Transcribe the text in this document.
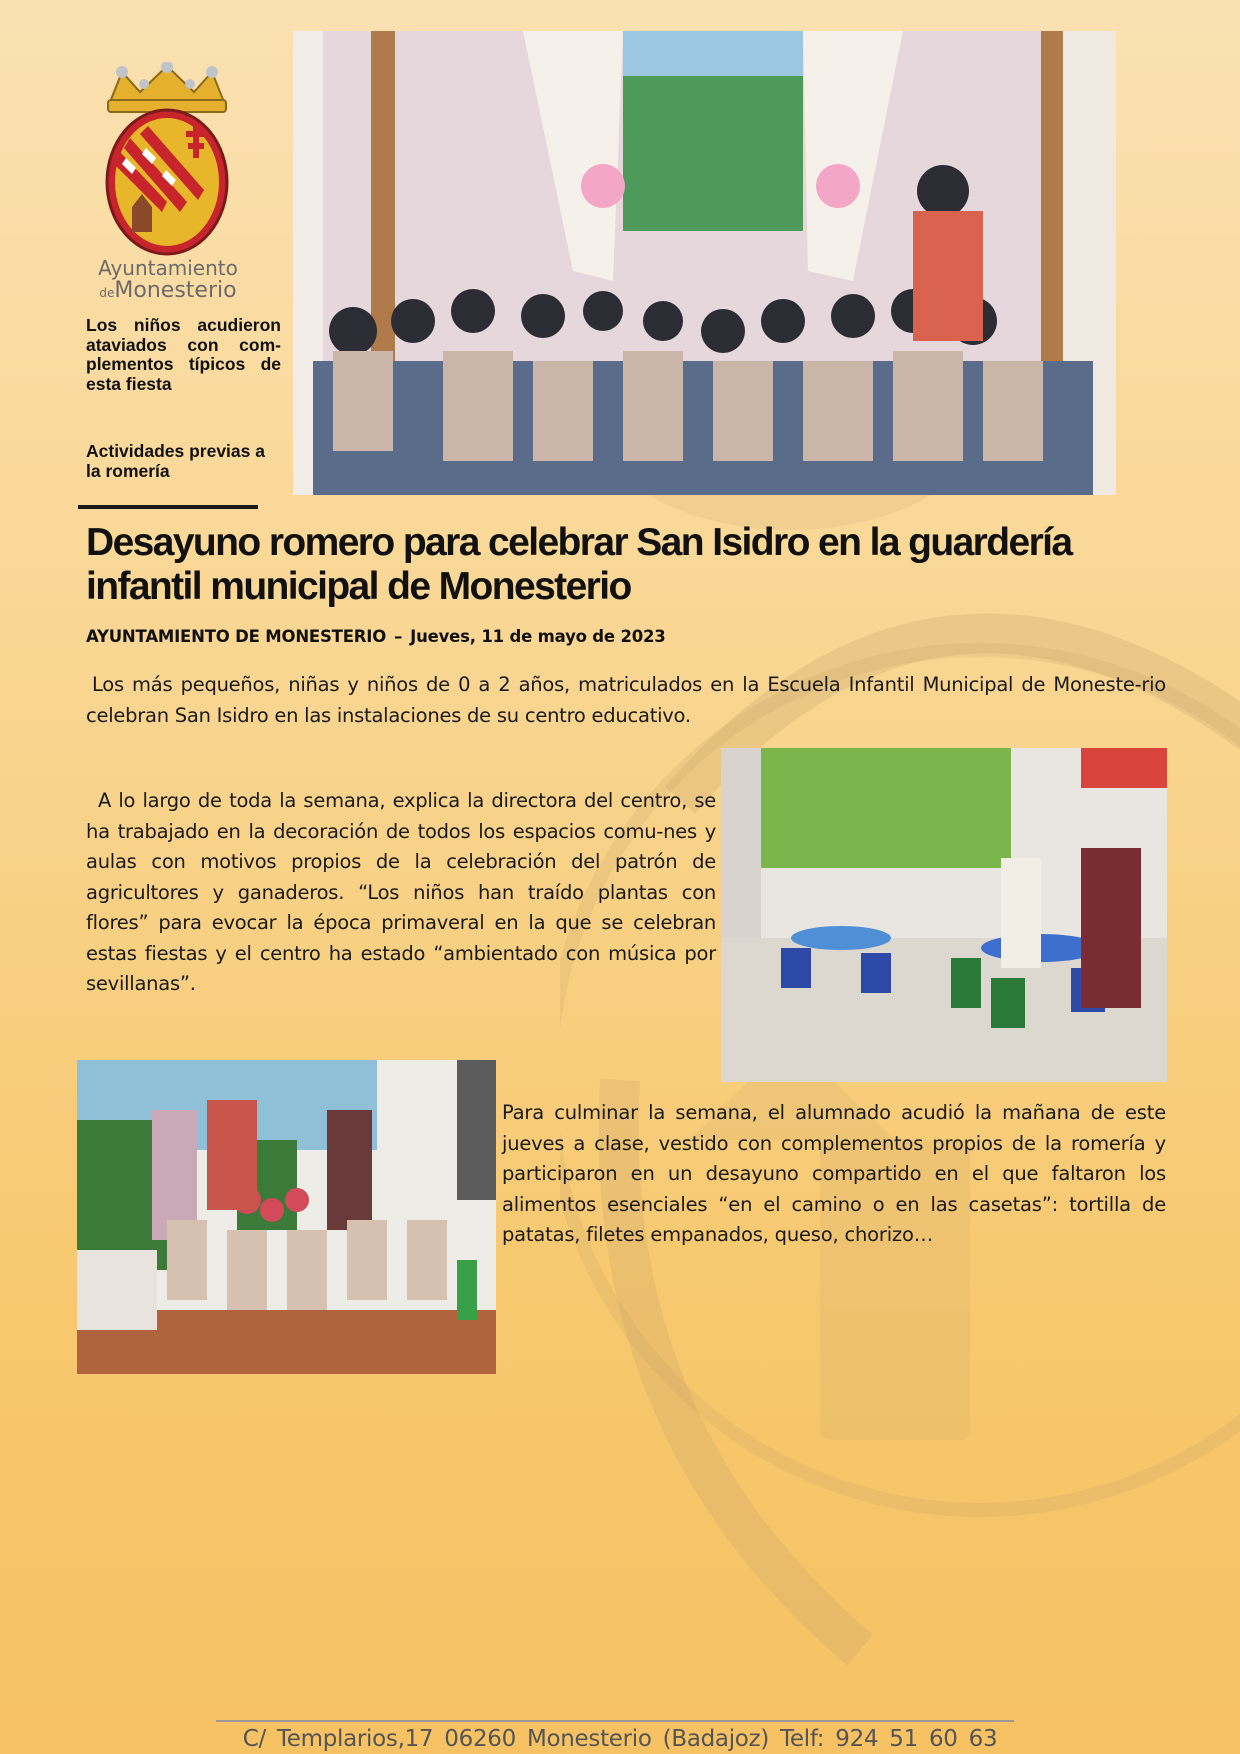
Ayuntamiento
deMonesterio
Los niños acudieron ataviados con com-plementos típicos de esta fiesta
Actividades previas a la romería
Desayuno romero para celebrar San Isidro en la guardería infantil municipal de Monesterio
AYUNTAMIENTO DE MONESTERIO – Jueves, 11 de mayo de 2023

Los más pequeños, niñas y niños de 0 a 2 años, matriculados en la Escuela Infantil Municipal de Moneste-rio celebran San Isidro en las instalaciones de su centro educativo.

A lo largo de toda la semana, explica la directora del centro, se ha trabajado en la decoración de todos los espacios comu-nes y aulas con motivos propios de la celebración del patrón de agricultores y ganaderos. “Los niños han traído plantas con flores” para evocar la época primaveral en la que se celebran estas fiestas y el centro ha estado “ambientado con música por sevillanas”.

Para culminar la semana, el alumnado acudió la mañana de este jueves a clase, vestido con complementos propios de la romería y participaron en un desayuno compartido en el que faltaron los alimentos esenciales “en el camino o en las casetas”: tortilla de patatas, filetes empanados, queso, chorizo…

C/ Templarios,17 06260 Monesterio (Badajoz) Telf: 924 51 60 63
